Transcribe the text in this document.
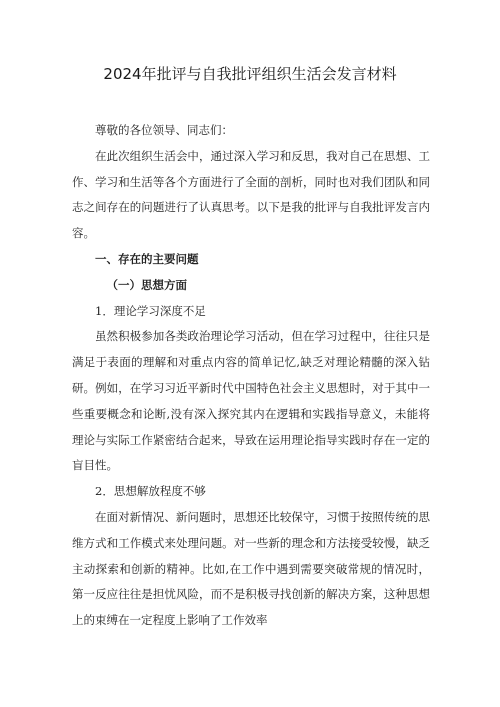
2024年批评与自我批评组织生活会发言材料

尊敬的各位领导、同志们：

在此次组织生活会中，通过深入学习和反思，我对自己在思想、工作、学习和生活等各个方面进行了全面的剖析，同时也对我们团队和同志之间存在的问题进行了认真思考。以下是我的批评与自我批评发言内容。

一、存在的主要问题

（一）思想方面

1．理论学习深度不足

虽然积极参加各类政治理论学习活动，但在学习过程中，往往只是满足于表面的理解和对重点内容的简单记忆,缺乏对理论精髓的深入钻研。例如，在学习习近平新时代中国特色社会主义思想时，对于其中一些重要概念和论断,没有深入探究其内在逻辑和实践指导意义，未能将理论与实际工作紧密结合起来，导致在运用理论指导实践时存在一定的盲目性。

2．思想解放程度不够

在面对新情况、新问题时，思想还比较保守，习惯于按照传统的思维方式和工作模式来处理问题。对一些新的理念和方法接受较慢，缺乏主动探索和创新的精神。比如,在工作中遇到需要突破常规的情况时，第一反应往往是担忧风险，而不是积极寻找创新的解决方案，这种思想上的束缚在一定程度上影响了工作效率
